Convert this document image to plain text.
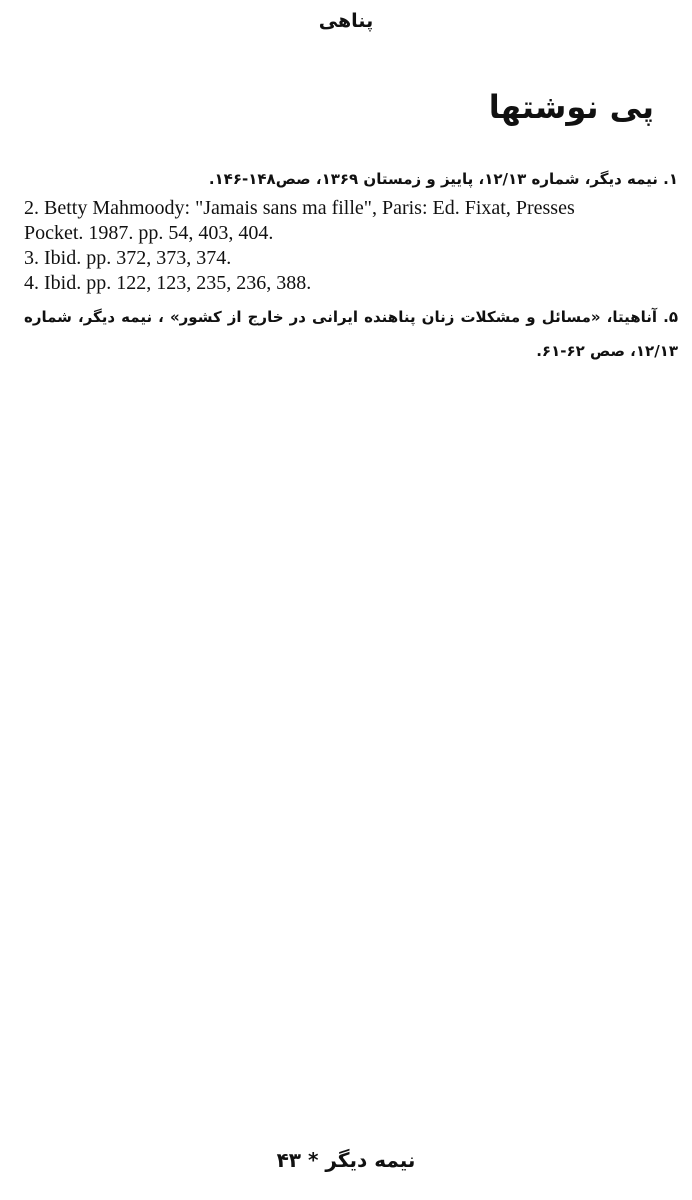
پناهی
پی نوشتها
۱. نیمه دیگر، شماره ۱۲/۱۳، پاییز و زمستان ۱۳۶۹، صص۱۴۸-۱۴۶.
2. Betty Mahmoody: "Jamais sans ma fille", Paris: Ed. Fixat, Presses Pocket. 1987. pp. 54, 403, 404.
3. Ibid. pp. 372, 373, 374.
4. Ibid. pp. 122, 123, 235, 236, 388.
۵. آناهیتا، «مسائل و مشکلات زنان پناهنده ایرانی در خارج از کشور» ، نیمه دیگر، شماره ۱۲/۱۳، صص ۶۲-۶۱.
نیمه دیگر * ۴۳
